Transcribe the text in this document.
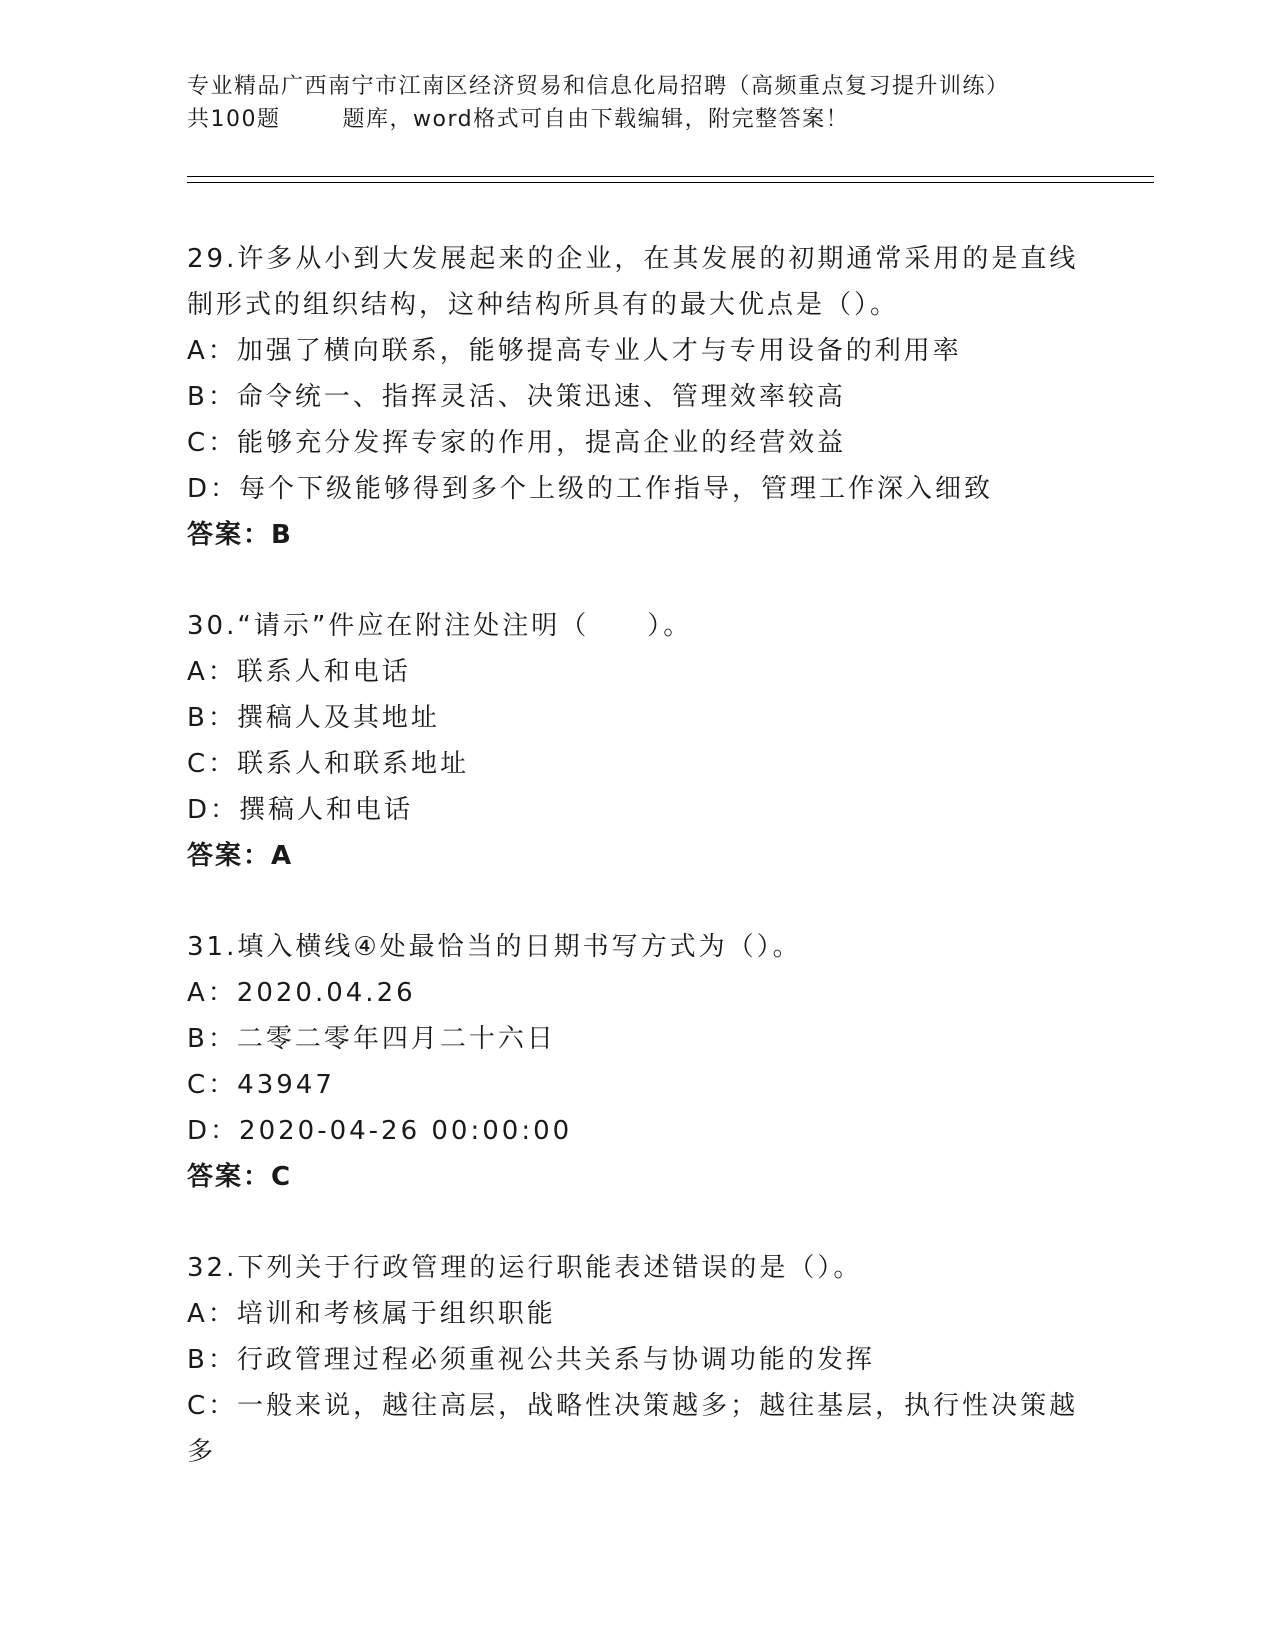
专业精品广西南宁市江南区经济贸易和信息化局招聘（高频重点复习提升训练）
共100题	题库，word格式可自由下载编辑，附完整答案！
29.许多从小到大发展起来的企业，在其发展的初期通常采用的是直线
制形式的组织结构，这种结构所具有的最大优点是（）。
A：加强了横向联系，能够提高专业人才与专用设备的利用率
B：命令统一、指挥灵活、决策迅速、管理效率较高
C：能够充分发挥专家的作用，提高企业的经营效益
D：每个下级能够得到多个上级的工作指导，管理工作深入细致
答案：B
30.“请示”件应在附注处注明（　　）。
A：联系人和电话
B：撰稿人及其地址
C：联系人和联系地址
D：撰稿人和电话
答案：A
31.填入横线④处最恰当的日期书写方式为（）。
A：2020.04.26
B：二零二零年四月二十六日
C：43947
D：2020-04-26 00:00:00
答案：C
32.下列关于行政管理的运行职能表述错误的是（）。
A：培训和考核属于组织职能
B：行政管理过程必须重视公共关系与协调功能的发挥
C：一般来说，越往高层，战略性决策越多；越往基层，执行性决策越
多
